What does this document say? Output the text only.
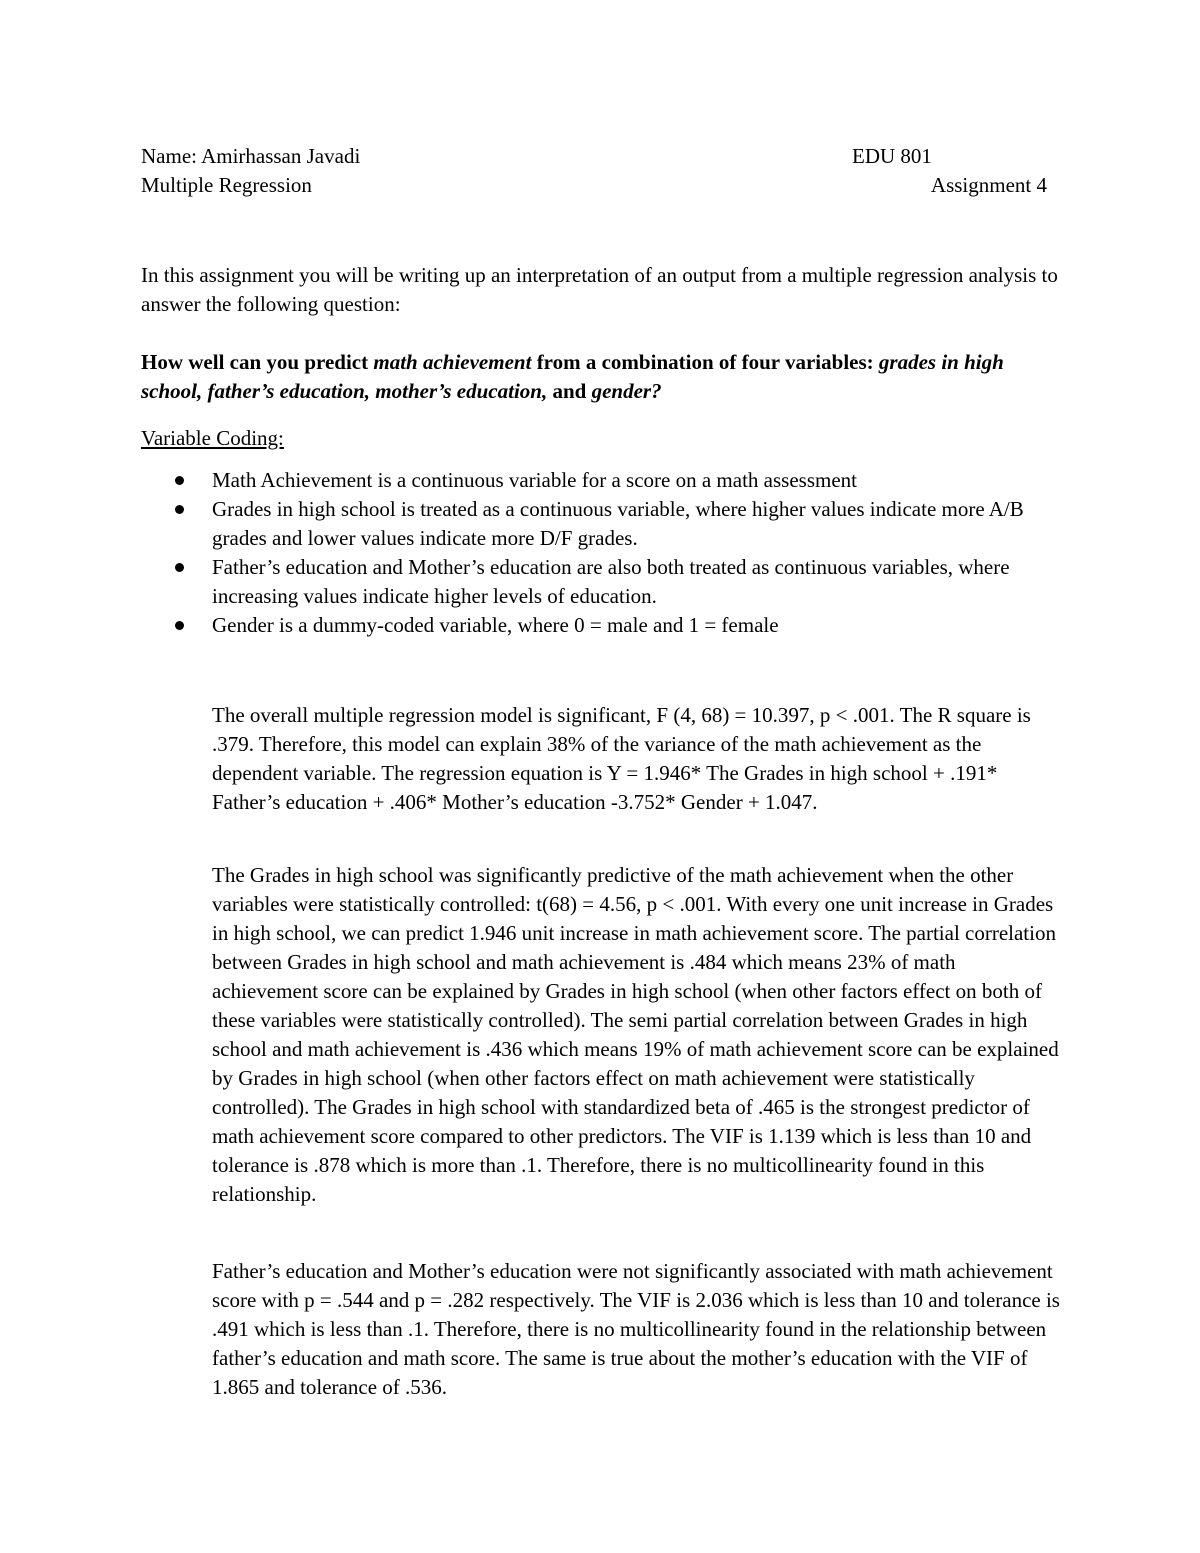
Name: Amirhassan Javadi	EDU 801
Multiple Regression	Assignment 4

In this assignment you will be writing up an interpretation of an output from a multiple regression analysis to answer the following question:

How well can you predict math achievement from a combination of four variables: grades in high school, father’s education, mother’s education, and gender?

Variable Coding:

Math Achievement is a continuous variable for a score on a math assessment
Grades in high school is treated as a continuous variable, where higher values indicate more A/B grades and lower values indicate more D/F grades.
Father’s education and Mother’s education are also both treated as continuous variables, where increasing values indicate higher levels of education.
Gender is a dummy-coded variable, where 0 = male and 1 = female

The overall multiple regression model is significant, F (4, 68) = 10.397, p < .001. The R square is .379. Therefore, this model can explain 38% of the variance of the math achievement as the dependent variable. The regression equation is Y = 1.946* The Grades in high school + .191* Father’s education + .406* Mother’s education -3.752* Gender + 1.047.

The Grades in high school was significantly predictive of the math achievement when the other variables were statistically controlled: t(68) = 4.56, p < .001. With every one unit increase in Grades in high school, we can predict 1.946 unit increase in math achievement score. The partial correlation between Grades in high school and math achievement is .484 which means 23% of math achievement score can be explained by Grades in high school (when other factors effect on both of these variables were statistically controlled). The semi partial correlation between Grades in high school and math achievement is .436 which means 19% of math achievement score can be explained by Grades in high school (when other factors effect on math achievement were statistically controlled). The Grades in high school with standardized beta of .465 is the strongest predictor of math achievement score compared to other predictors. The VIF is 1.139 which is less than 10 and tolerance is .878 which is more than .1. Therefore, there is no multicollinearity found in this relationship.

Father’s education and Mother’s education were not significantly associated with math achievement score with p = .544 and p = .282 respectively. The VIF is 2.036 which is less than 10 and tolerance is .491 which is less than .1. Therefore, there is no multicollinearity found in the relationship between father’s education and math score. The same is true about the mother’s education with the VIF of 1.865 and tolerance of .536.
